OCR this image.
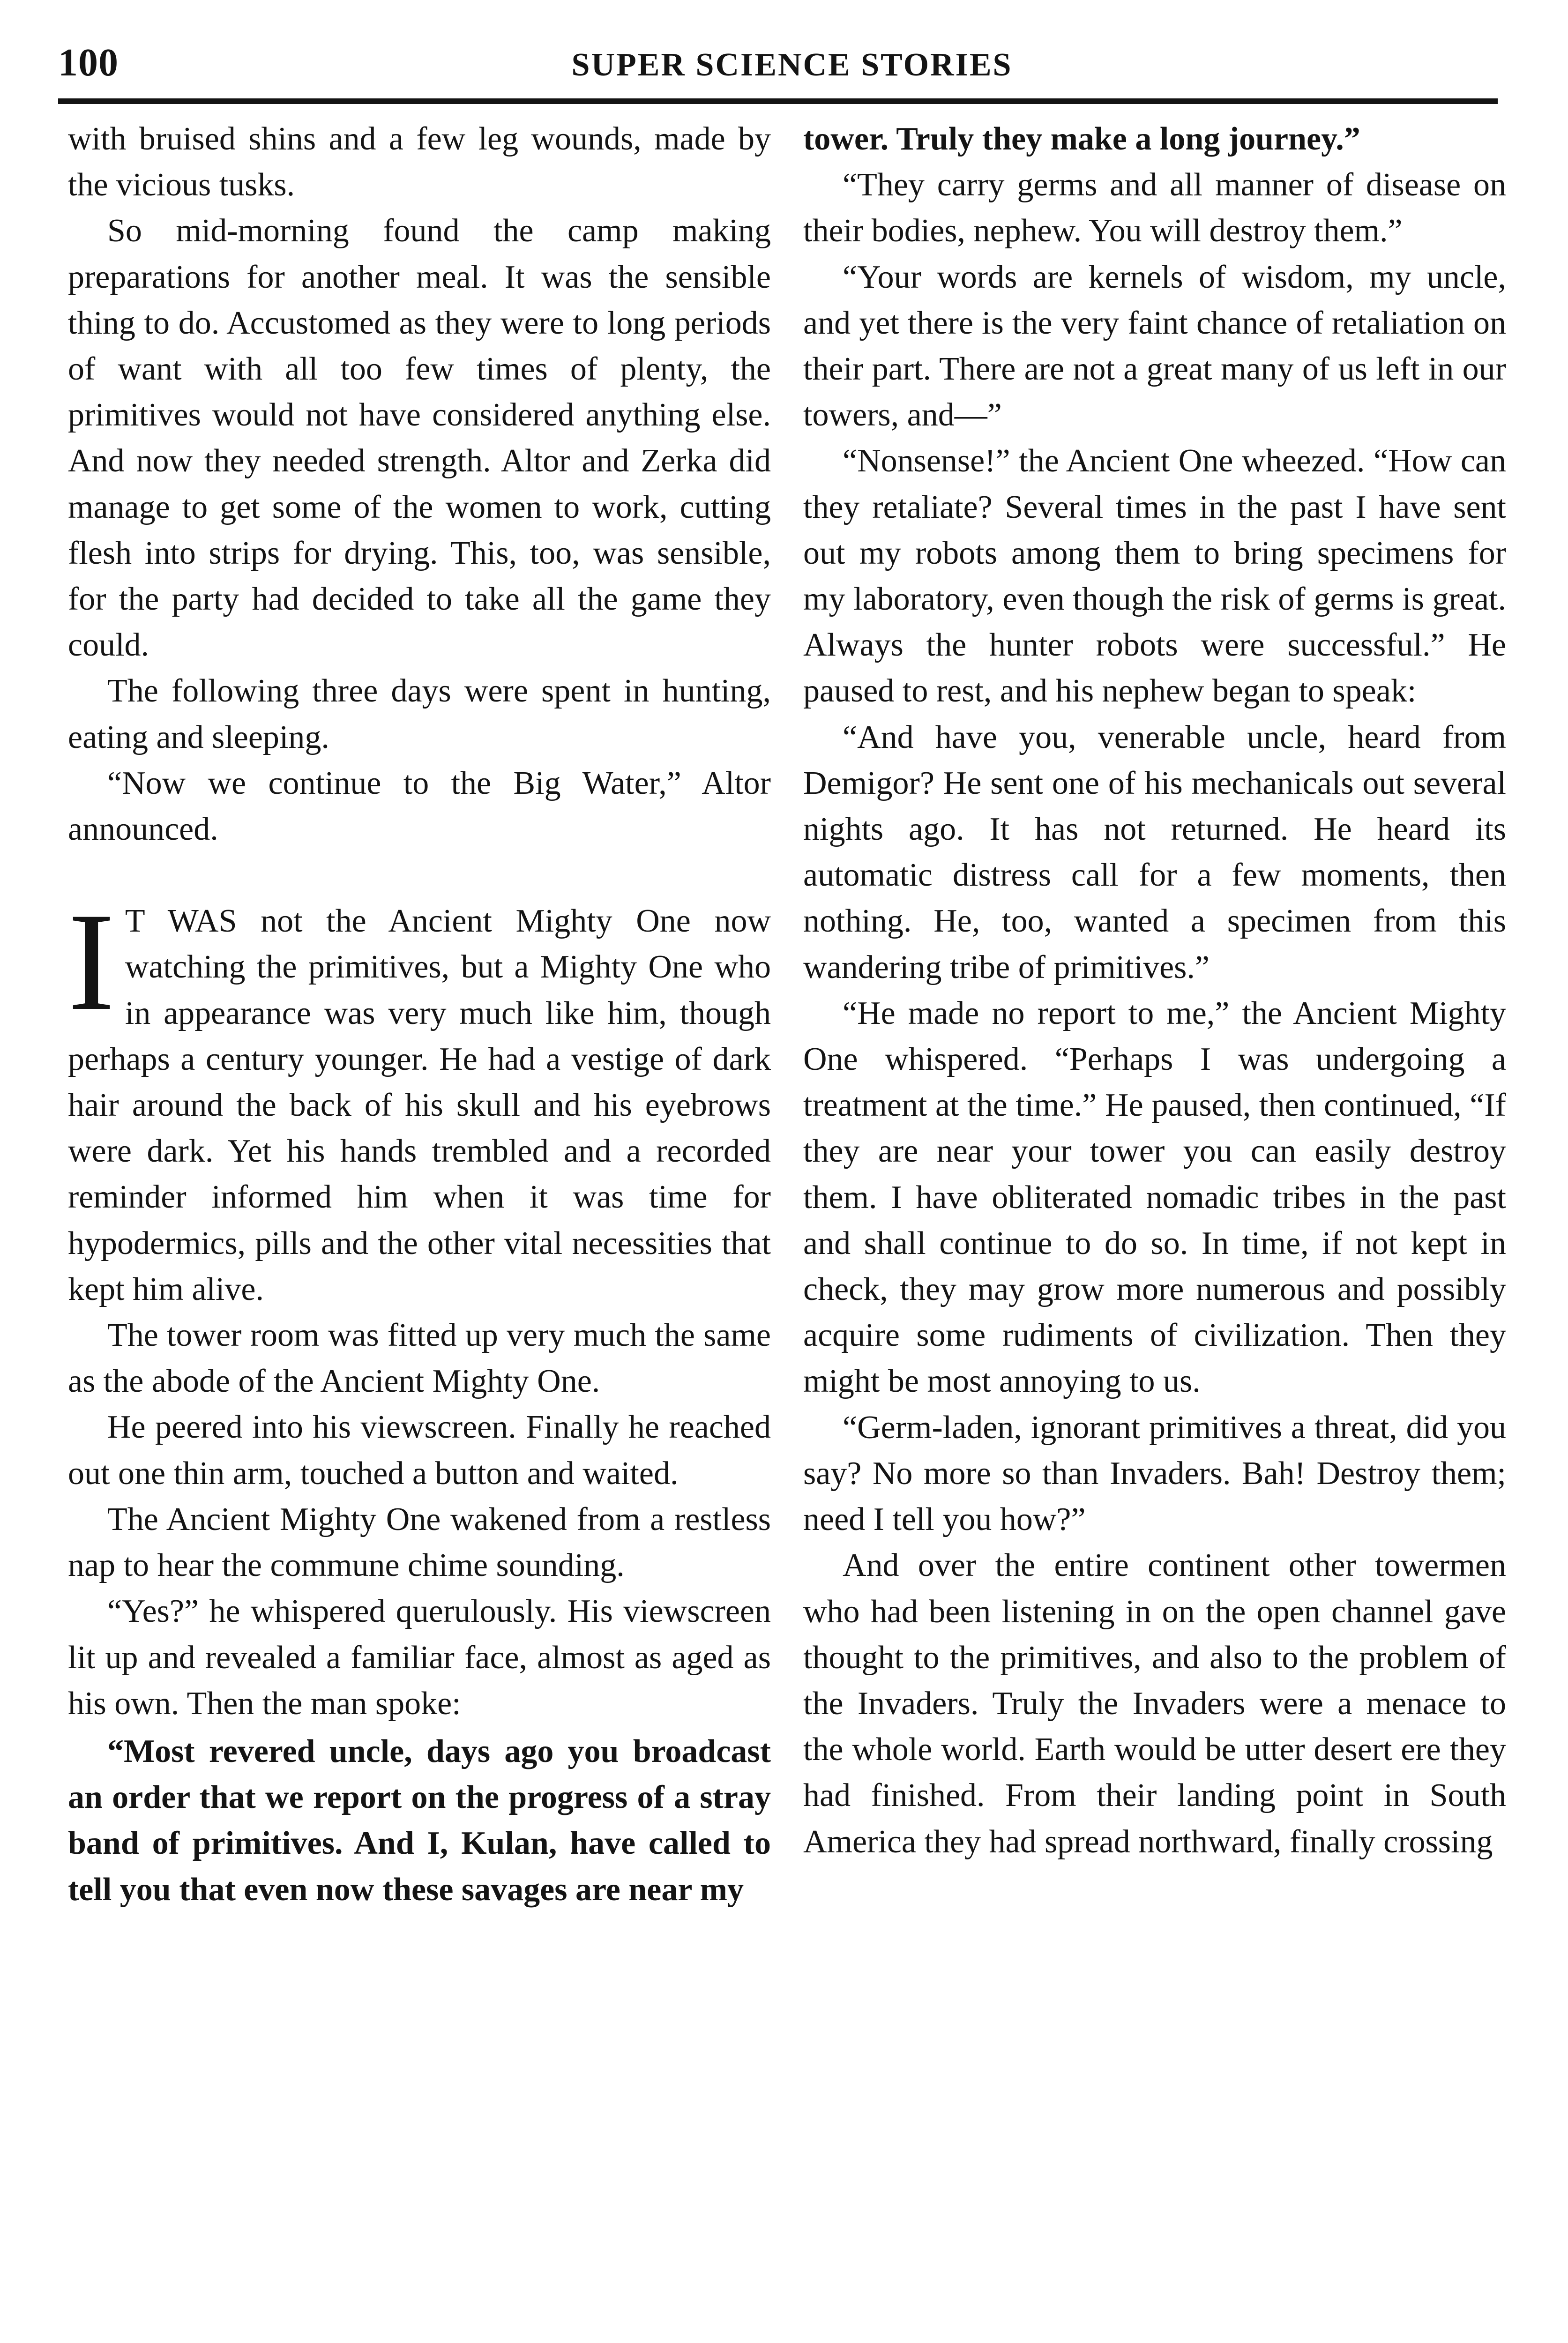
100	SUPER SCIENCE STORIES

with bruised shins and a few leg wounds, made by the vicious tusks.

So mid-morning found the camp making preparations for another meal. It was the sensible thing to do. Accustomed as they were to long periods of want with all too few times of plenty, the primitives would not have considered anything else. And now they needed strength. Altor and Zerka did manage to get some of the women to work, cutting flesh into strips for drying. This, too, was sensible, for the party had decided to take all the game they could.

The following three days were spent in hunting, eating and sleeping.

“Now we continue to the Big Water,” Altor announced.

I T WAS not the Ancient Mighty One now watching the primitives, but a Mighty One who in appearance was very much like him, though perhaps a century younger. He had a vestige of dark hair around the back of his skull and his eyebrows were dark. Yet his hands trembled and a recorded reminder informed him when it was time for hypodermics, pills and the other vital necessities that kept him alive.

The tower room was fitted up very much the same as the abode of the Ancient Mighty One.

He peered into his viewscreen. Finally he reached out one thin arm, touched a button and waited.

The Ancient Mighty One wakened from a restless nap to hear the commune chime sounding.

“Yes?” he whispered querulously. His viewscreen lit up and revealed a familiar face, almost as aged as his own. Then the man spoke:

“Most revered uncle, days ago you broadcast an order that we report on the progress of a stray band of primitives. And I, Kulan, have called to tell you that even now these savages are near my

tower. Truly they make a long journey.”

“They carry germs and all manner of disease on their bodies, nephew. You will destroy them.”

“Your words are kernels of wisdom, my uncle, and yet there is the very faint chance of retaliation on their part. There are not a great many of us left in our towers, and—”

“Nonsense!” the Ancient One wheezed. “How can they retaliate? Several times in the past I have sent out my robots among them to bring specimens for my laboratory, even though the risk of germs is great. Always the hunter robots were successful.” He paused to rest, and his nephew began to speak:

“And have you, venerable uncle, heard from Demigor? He sent one of his mechanicals out several nights ago. It has not returned. He heard its automatic distress call for a few moments, then nothing. He, too, wanted a specimen from this wandering tribe of primitives.”

“He made no report to me,” the Ancient Mighty One whispered. “Perhaps I was undergoing a treatment at the time.” He paused, then continued, “If they are near your tower you can easily destroy them. I have obliterated nomadic tribes in the past and shall continue to do so. In time, if not kept in check, they may grow more numerous and possibly acquire some rudiments of civilization. Then they might be most annoying to us.

“Germ-laden, ignorant primitives a threat, did you say? No more so than Invaders. Bah! Destroy them; need I tell you how?”

And over the entire continent other towermen who had been listening in on the open channel gave thought to the primitives, and also to the problem of the Invaders. Truly the Invaders were a menace to the whole world. Earth would be utter desert ere they had finished. From their landing point in South America they had spread northward, finally crossing
